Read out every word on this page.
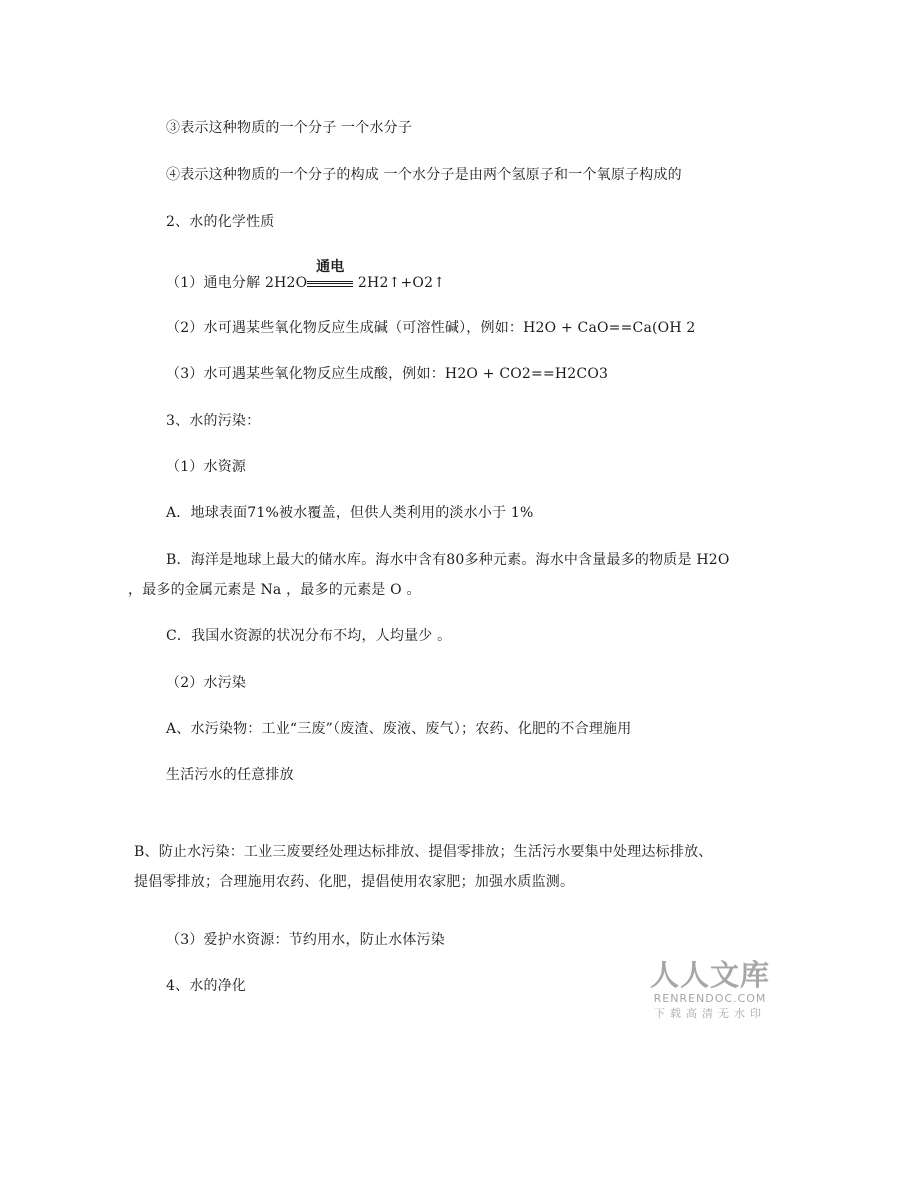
③表示这种物质的一个分子 一个水分子
④表示这种物质的一个分子的构成 一个水分子是由两个氢原子和一个氧原子构成的
2、水的化学性质
（1）通电分解 2H2O
通电
2H2↑+O2↑
（2）水可遇某些氧化物反应生成碱（可溶性碱），例如：H2O + CaO==Ca(OH 2
（3）水可遇某些氧化物反应生成酸，例如：H2O + CO2==H2CO3
3、水的污染：
（1）水资源
A．地球表面71%被水覆盖，但供人类利用的淡水小于 1%
B．海洋是地球上最大的储水库。海水中含有80多种元素。海水中含量最多的物质是 H2O
，最多的金属元素是 Na ，最多的元素是 O 。
C．我国水资源的状况分布不均，人均量少 。
（2）水污染
A、水污染物：工业“三废”（废渣、废液、废气）；农药、化肥的不合理施用
生活污水的任意排放
B、防止水污染：工业三废要经处理达标排放、提倡零排放；生活污水要集中处理达标排放、
提倡零排放；合理施用农药、化肥，提倡使用农家肥；加强水质监测。
（3）爱护水资源：节约用水，防止水体污染
4、水的净化	人人文库
RENRENDOC.COM
下载高清无水印
